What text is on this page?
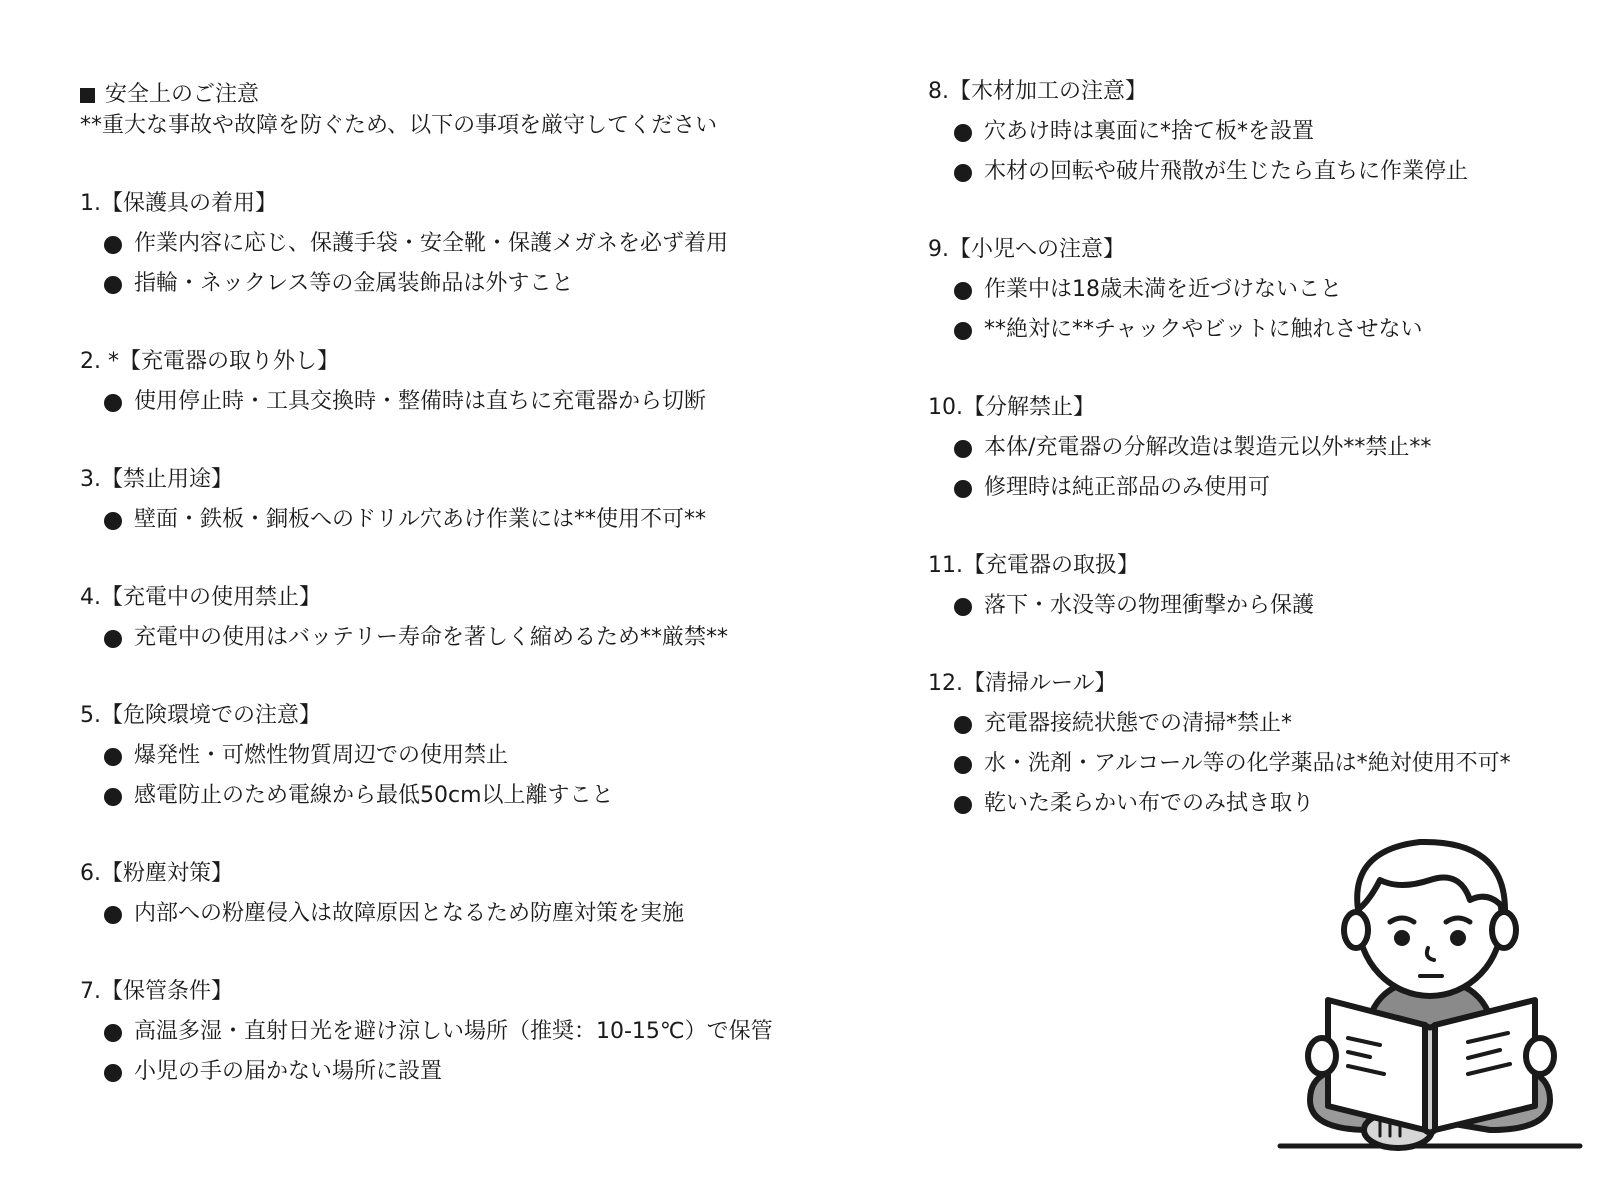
安全上のご注意
**重大な事故や故障を防ぐため、以下の事項を厳守してください
1.【保護具の着用】
作業内容に応じ、保護手袋・安全靴・保護メガネを必ず着用
指輪・ネックレス等の金属装飾品は外すこと
2. *【充電器の取り外し】
使用停止時・工具交換時・整備時は直ちに充電器から切断
3.【禁止用途】
壁面・鉄板・銅板へのドリル穴あけ作業には**使用不可**
4.【充電中の使用禁止】
充電中の使用はバッテリー寿命を著しく縮めるため**厳禁**
5.【危険環境での注意】
爆発性・可燃性物質周辺での使用禁止
感電防止のため電線から最低50cm以上離すこと
6.【粉塵対策】
内部への粉塵侵入は故障原因となるため防塵対策を実施
7.【保管条件】
高温多湿・直射日光を避け涼しい場所（推奨：10-15℃）で保管
小児の手の届かない場所に設置
8.【木材加工の注意】
穴あけ時は裏面に*捨て板*を設置
木材の回転や破片飛散が生じたら直ちに作業停止
9.【小児への注意】
作業中は18歳未満を近づけないこと
**絶対に**チャックやビットに触れさせない
10.【分解禁止】
本体/充電器の分解改造は製造元以外**禁止**
修理時は純正部品のみ使用可
11.【充電器の取扱】
落下・水没等の物理衝撃から保護
12.【清掃ルール】
充電器接続状態での清掃*禁止*
水・洗剤・アルコール等の化学薬品は*絶対使用不可*
乾いた柔らかい布でのみ拭き取り
